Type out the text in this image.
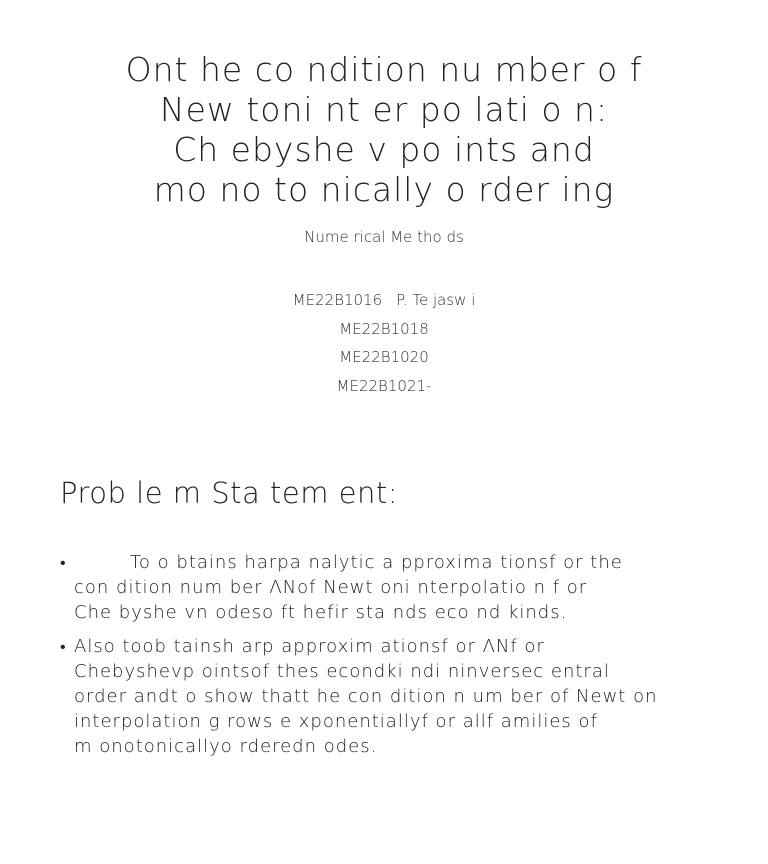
Ont he co ndition nu mber o f
New toni nt er po lati o n:
Ch ebyshe v po ints and
mo no to nically o rder ing
Nume rical Me tho ds
ME22B1016 P. Te jasw i
ME22B1018
ME22B1020
ME22B1021-
Prob le m Sta tem ent:
•	To o btains harpa nalytic a pproxima tionsf or the
con dition num ber ΛNof Newt oni nterpolatio n f or
Che byshe vn odeso ft hefir sta nds eco nd kinds.
• Also toob tainsh arp approxim ationsf or ΛNf or
Chebyshevp ointsof thes econdki ndi ninversec entral
order andt o show thatt he con dition n um ber of Newt on
interpolation g rows e xponentiallyf or allf amilies of
m onotonicallyo rderedn odes.
